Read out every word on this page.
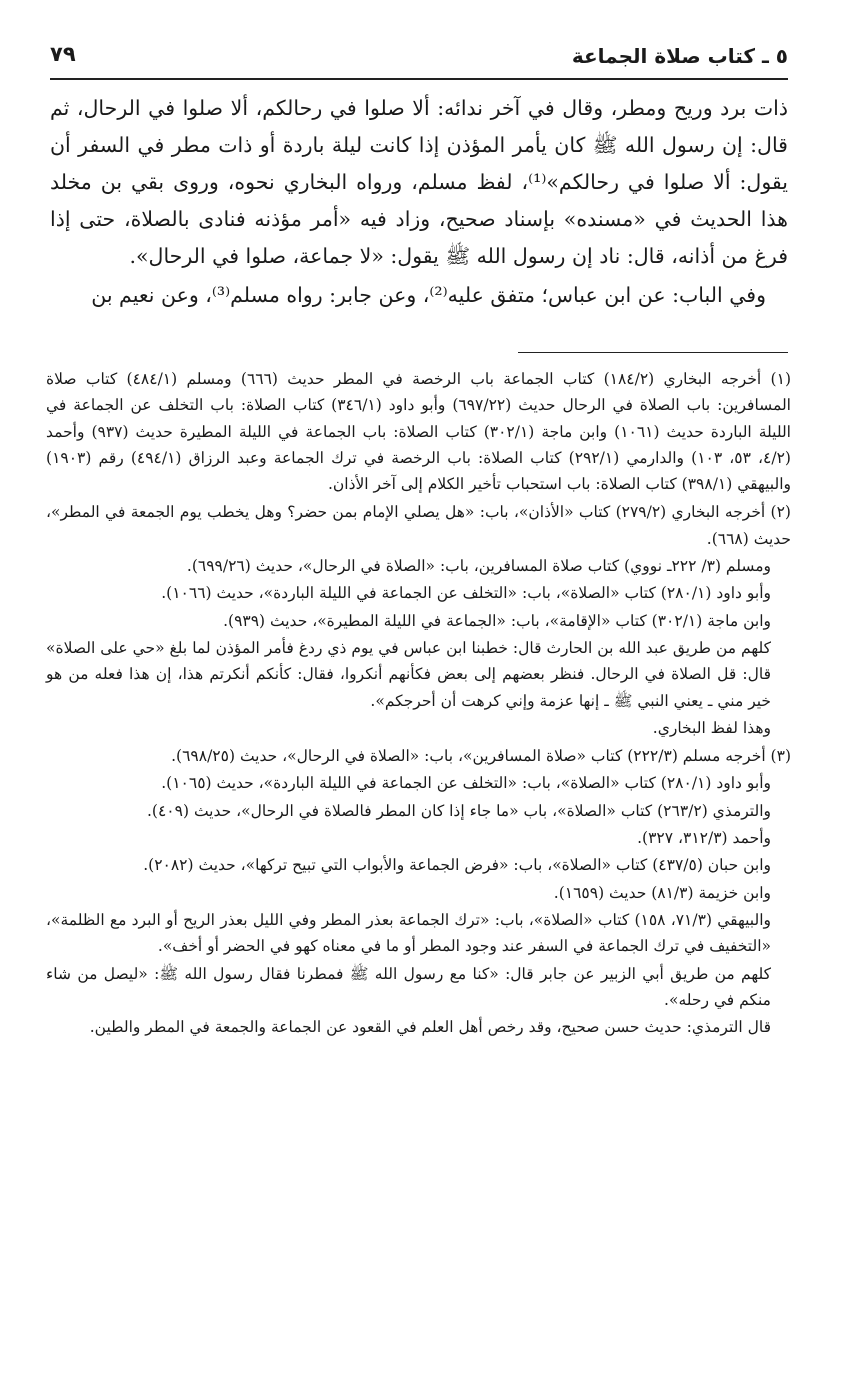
٥ ـ كتاب صلاة الجماعة
٧٩

ذات برد وريح ومطر، وقال في آخر ندائه: ألا صلوا في رحالكم، ألا صلوا في الرحال، ثم قال: إن رسول الله ﷺ كان يأمر المؤذن إذا كانت ليلة باردة أو ذات مطر في السفر أن يقول: ألا صلوا في رحالكم»⁽¹⁾، لفظ مسلم، ورواه البخاري نحوه، وروى بقي بن مخلد هذا الحديث في «مسنده» بإسناد صحيح، وزاد فيه «أمر مؤذنه فنادى بالصلاة، حتى إذا فرغ من أذانه، قال: ناد إن رسول الله ﷺ يقول: «لا جماعة، صلوا في الرحال».

وفي الباب: عن ابن عباس؛ متفق عليه⁽²⁾، وعن جابر: رواه مسلم⁽³⁾، وعن نعيم بن

(١) أخرجه البخاري (١٨٤/٢) كتاب الجماعة باب الرخصة في المطر حديث (٦٦٦) ومسلم (٤٨٤/١) كتاب صلاة المسافرين: باب الصلاة في الرحال حديث (٦٩٧/٢٢) وأبو داود (٣٤٦/١) كتاب الصلاة: باب التخلف عن الجماعة في الليلة الباردة حديث (١٠٦١) وابن ماجة (٣٠٢/١) كتاب الصلاة: باب الجماعة في الليلة المطيرة حديث (٩٣٧) وأحمد (٤/٢، ٥٣، ١٠٣) والدارمي (٢٩٢/١) كتاب الصلاة: باب الرخصة في ترك الجماعة وعبد الرزاق (٤٩٤/١) رقم (١٩٠٣) والبيهقي (٣٩٨/١) كتاب الصلاة: باب استحباب تأخير الكلام إلى آخر الأذان.

(٢) أخرجه البخاري (٢٧٩/٢) كتاب «الأذان»، باب: «هل يصلي الإمام بمن حضر؟ وهل يخطب يوم الجمعة في المطر»، حديث (٦٦٨).

ومسلم (٣/ ٢٢٢ـ نووي) كتاب صلاة المسافرين، باب: «الصلاة في الرحال»، حديث (٦٩٩/٢٦).

وأبو داود (٢٨٠/١) كتاب «الصلاة»، باب: «التخلف عن الجماعة في الليلة الباردة»، حديث (١٠٦٦).

وابن ماجة (٣٠٢/١) كتاب «الإقامة»، باب: «الجماعة في الليلة المطيرة»، حديث (٩٣٩).

كلهم من طريق عبد الله بن الحارث قال: خطبنا ابن عباس في يوم ذي ردغ فأمر المؤذن لما بلغ «حي على الصلاة» قال: قل الصلاة في الرحال. فنظر بعضهم إلى بعض فكأنهم أنكروا، فقال: كأنكم أنكرتم هذا، إن هذا فعله من هو خير مني ـ يعني النبي ﷺ ـ إنها عزمة وإني كرهت أن أحرجكم».

وهذا لفظ البخاري.

(٣) أخرجه مسلم (٢٢٢/٣) كتاب «صلاة المسافرين»، باب: «الصلاة في الرحال»، حديث (٦٩٨/٢٥).

وأبو داود (٢٨٠/١) كتاب «الصلاة»، باب: «التخلف عن الجماعة في الليلة الباردة»، حديث (١٠٦٥).

والترمذي (٢٦٣/٢) كتاب «الصلاة»، باب «ما جاء إذا كان المطر فالصلاة في الرحال»، حديث (٤٠٩).

وأحمد (٣١٢/٣، ٣٢٧).

وابن حبان (٤٣٧/٥) كتاب «الصلاة»، باب: «فرض الجماعة والأبواب التي تبيح تركها»، حديث (٢٠٨٢).

وابن خزيمة (٨١/٣) حديث (١٦٥٩).

والبيهقي (٧١/٣، ١٥٨) كتاب «الصلاة»، باب: «ترك الجماعة بعذر المطر وفي الليل بعذر الريح أو البرد مع الظلمة»، «التخفيف في ترك الجماعة في السفر عند وجود المطر أو ما في معناه كهو في الحضر أو أخف».

كلهم من طريق أبي الزبير عن جابر قال: «كنا مع رسول الله ﷺ فمطرنا فقال رسول الله ﷺ: «ليصل من شاء منكم في رحله».

قال الترمذي: حديث حسن صحيح، وقد رخص أهل العلم في القعود عن الجماعة والجمعة في المطر والطين.
